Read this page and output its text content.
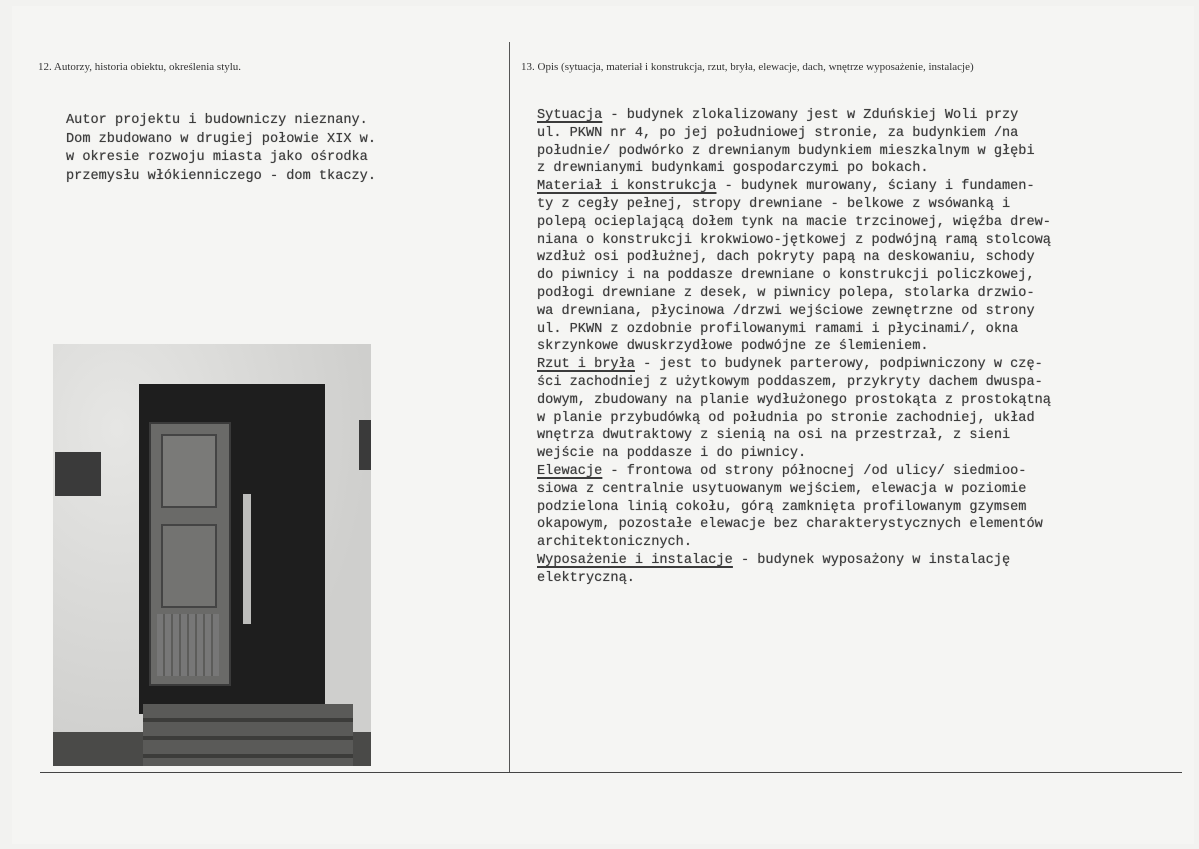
12. Autorzy, historia obiektu, określenia stylu.	13. Opis (sytuacja, materiał i konstrukcja, rzut, bryła, elewacje, dach, wnętrze wyposażenie, instalacje)
Autor projektu i budowniczy nieznany.
Dom zbudowano w drugiej połowie XIX w.
w okresie rozwoju miasta jako ośrodka
przemysłu włókienniczego - dom tkaczy.
Sytuacja - budynek zlokalizowany jest w Zduńskiej Woli przy
ul. PKWN nr 4, po jej południowej stronie, za budynkiem /na
południe/ podwórko z drewnianym budynkiem mieszkalnym w głębi
z drewnianymi budynkami gospodarczymi po bokach.
Materiał i konstrukcja - budynek murowany, ściany i fundamen-
ty z cegły pełnej, stropy drewniane - belkowe z wsówanką i
polepą ocieplającą dołem tynk na macie trzcinowej, więźba drew-
niana o konstrukcji krokwiowo-jętkowej z podwójną ramą stolcową
wzdłuż osi podłużnej, dach pokryty papą na deskowaniu, schody
do piwnicy i na poddasze drewniane o konstrukcji policzkowej,
podłogi drewniane z desek, w piwnicy polepa, stolarka drzwio-
wa drewniana, płycinowa /drzwi wejściowe zewnętrzne od strony
ul. PKWN z ozdobnie profilowanymi ramami i płycinami/, okna
skrzynkowe dwuskrzydłowe podwójne ze ślemieniem.
Rzut i bryła - jest to budynek parterowy, podpiwniczony w czę-
ści zachodniej z użytkowym poddaszem, przykryty dachem dwuspa-
dowym, zbudowany na planie wydłużonego prostokąta z prostokątną
w planie przybudówką od południa po stronie zachodniej, układ
wnętrza dwutraktowy z sienią na osi na przestrzał, z sieni
wejście na poddasze i do piwnicy.
Elewacje - frontowa od strony północnej /od ulicy/ siedmioo-
siowa z centralnie usytuowanym wejściem, elewacja w poziomie
podzielona linią cokołu, górą zamknięta profilowanym gzymsem
okapowym, pozostałe elewacje bez charakterystycznych elementów
architektonicznych.
Wyposażenie i instalacje - budynek wyposażony w instalację
elektryczną.
